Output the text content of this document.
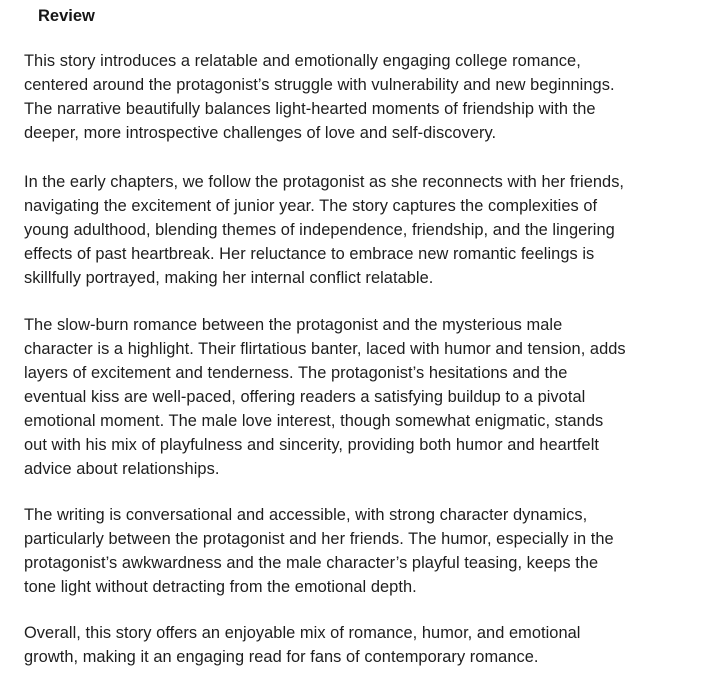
Review

This story introduces a relatable and emotionally engaging college romance,
centered around the protagonist’s struggle with vulnerability and new beginnings.
The narrative beautifully balances light-hearted moments of friendship with the
deeper, more introspective challenges of love and self-discovery.

In the early chapters, we follow the protagonist as she reconnects with her friends,
navigating the excitement of junior year. The story captures the complexities of
young adulthood, blending themes of independence, friendship, and the lingering
effects of past heartbreak. Her reluctance to embrace new romantic feelings is
skillfully portrayed, making her internal conflict relatable.

The slow-burn romance between the protagonist and the mysterious male
character is a highlight. Their flirtatious banter, laced with humor and tension, adds
layers of excitement and tenderness. The protagonist’s hesitations and the
eventual kiss are well-paced, offering readers a satisfying buildup to a pivotal
emotional moment. The male love interest, though somewhat enigmatic, stands
out with his mix of playfulness and sincerity, providing both humor and heartfelt
advice about relationships.

The writing is conversational and accessible, with strong character dynamics,
particularly between the protagonist and her friends. The humor, especially in the
protagonist’s awkwardness and the male character’s playful teasing, keeps the
tone light without detracting from the emotional depth.

Overall, this story offers an enjoyable mix of romance, humor, and emotional
growth, making it an engaging read for fans of contemporary romance.
